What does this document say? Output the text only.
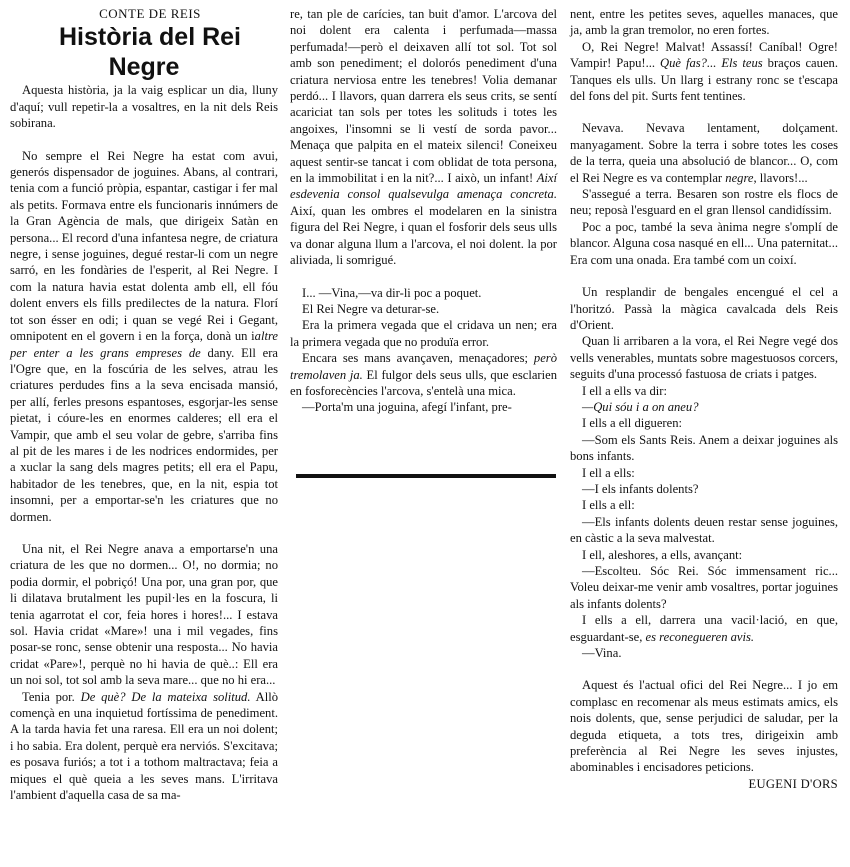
CONTE DE REIS

Història del Rei Negre

Aquesta història, ja la vaig esplicar un dia, lluny d'aquí; vull repetir-la a vosaltres, en la nit dels Reis sobirana.

No sempre el Rei Negre ha estat com avui, generós dispensador de joguines. Abans, al contrari, tenia com a funció pròpia, espantar, castigar i fer mal als petits. Formava entre els funcionaris innúmers de la Gran Agència de mals, que dirigeix Satàn en persona... El record d'una infantesa negre, de criatura negre, i sense joguines, degué restar-li com un negre sarró, en les fondàries de l'esperit, al Rei Negre. I com la natura havia estat dolenta amb ell, ell fóu dolent envers els fills predilectes de la natura. Florí tot son ésser en odi; i quan se vegé Rei i Gegant, omnipotent en el govern i en la força, donà un ialtre per enter a les grans empreses de dany. Ell era l'Ogre que, en la foscúria de les selves, atrau les criatures perdudes fins a la seva encisada mansió, per allí, ferles presons espantoses, esgorjar-les sense pietat, i cóure-les en enormes calderes; ell era el Vampir, que amb el seu volar de gebre, s'arriba fins al pit de les mares i de les nodrices endormides, per a xuclar la sang dels magres petits; ell era el Papu, habitador de les tenebres, que, en la nit, espia tot insomni, per a emportar-se'n les criatures que no dormen.

Una nit, el Rei Negre anava a emportarse'n una criatura de les que no dormen... O!, no dormia; no podia dormir, el pobriçó! Una por, una gran por, que li dilatava brutalment les pupil·les en la foscura, li tenia agarrotat el cor, feia hores i hores!... I estava sol. Havia cridat «Mare»! una i mil vegades, fins posar-se ronc, sense obtenir una resposta... No havia cridat «Pare»!, perquè no hi havia de què..: Ell era un noi sol, tot sol amb la seva mare... que no hi era...

Tenia por. De què? De la mateixa solitud. Allò començà en una inquietud fortíssima de penediment. A la tarda havia fet una raresa. Ell era un noi dolent; i ho sabia. Era dolent, perquè era nerviós. S'excitava; es posava furiós; a tot i a tothom maltractava; feia a miques el què queia a les seves mans. L'irritava l'ambient d'aquella casa de sa ma-

re, tan ple de carícies, tan buit d'amor. L'arcova del noi dolent era calenta i perfumada—massa perfumada!—però el deixaven allí tot sol. Tot sol amb son penediment; el dolorós penediment d'una criatura nerviosa entre les tenebres! Volia demanar perdó... I llavors, quan darrera els seus crits, se sentí acariciat tan sols per totes les solituds i totes les angoixes, l'insomni se li vestí de sorda pavor... Menaça que palpita en el mateix silenci! Coneixeu aquest sentir-se tancat i com oblidat de tota persona, en la immobilitat i en la nit?... I això, un infant! Així esdevenia consol qualsevulga amenaça concreta. Així, quan les ombres el modelaren en la sinistra figura del Rei Negre, i quan el fosforir dels seus ulls va donar alguna llum a l'arcova, el noi dolent. la por aliviada, li somrigué.

I... —Vina,—va dir-li poc a poquet.

El Rei Negre va deturar-se.

Era la primera vegada que el cridava un nen; era la primera vegada que no produïa error.

Encara ses mans avançaven, menaçadores; però tremolaven ja. El fulgor dels seus ulls, que esclarien en fosforecències l'arcova, s'entelà una mica.

—Porta'm una joguina, afegí l'infant, pre-

nent, entre les petites seves, aquelles manaces, que ja, amb la gran tremolor, no eren fortes.

O, Rei Negre! Malvat! Assassí! Caníbal! Ogre! Vampir! Papu!... Què fas?... Els teus braços cauen. Tanques els ulls. Un llarg i estrany ronc se t'escapa del fons del pit. Surts fent tentines.

Nevava. Nevava lentament, dolçament. manyagament. Sobre la terra i sobre totes les coses de la terra, queia una absolució de blancor... O, com el Rei Negre es va contemplar negre, llavors!...

S'assegué a terra. Besaren son rostre els flocs de neu; reposà l'esguard en el gran llensol candidíssim.

Poc a poc, també la seva ànima negre s'omplí de blancor. Alguna cosa nasqué en ell... Una paternitat... Era com una onada. Era també com un coixí.

Un resplandir de bengales encengué el cel a l'horitzó. Passà la màgica cavalcada dels Reis d'Orient.

Quan li arribaren a la vora, el Rei Negre vegé dos vells venerables, muntats sobre magestuosos corcers, seguits d'una processó fastuosa de criats i patges.

I ell a ells va dir:

—Qui sóu i a on aneu?

I ells a ell digueren:

—Som els Sants Reis. Anem a deixar joguines als bons infants.

I ell a ells:

—I els infants dolents?

I ells a ell:

—Els infants dolents deuen restar sense joguines, en càstic a la seva malvestat.

I ell, aleshores, a ells, avançant:

—Escolteu. Sóc Rei. Sóc immensament ric... Voleu deixar-me venir amb vosaltres, portar joguines als infants dolents?

I ells a ell, darrera una vacil·lació, en que, esguardant-se, es reconegueren avis.

—Vina.

Aquest és l'actual ofici del Rei Negre... I jo em complasc en recomenar als meus estimats amics, els nois dolents, que, sense perjudici de saludar, per la deguda etiqueta, a tots tres, dirigeixin amb preferència al Rei Negre les seves injustes, abominables i encisadores peticions.

EUGENI D'ORS
